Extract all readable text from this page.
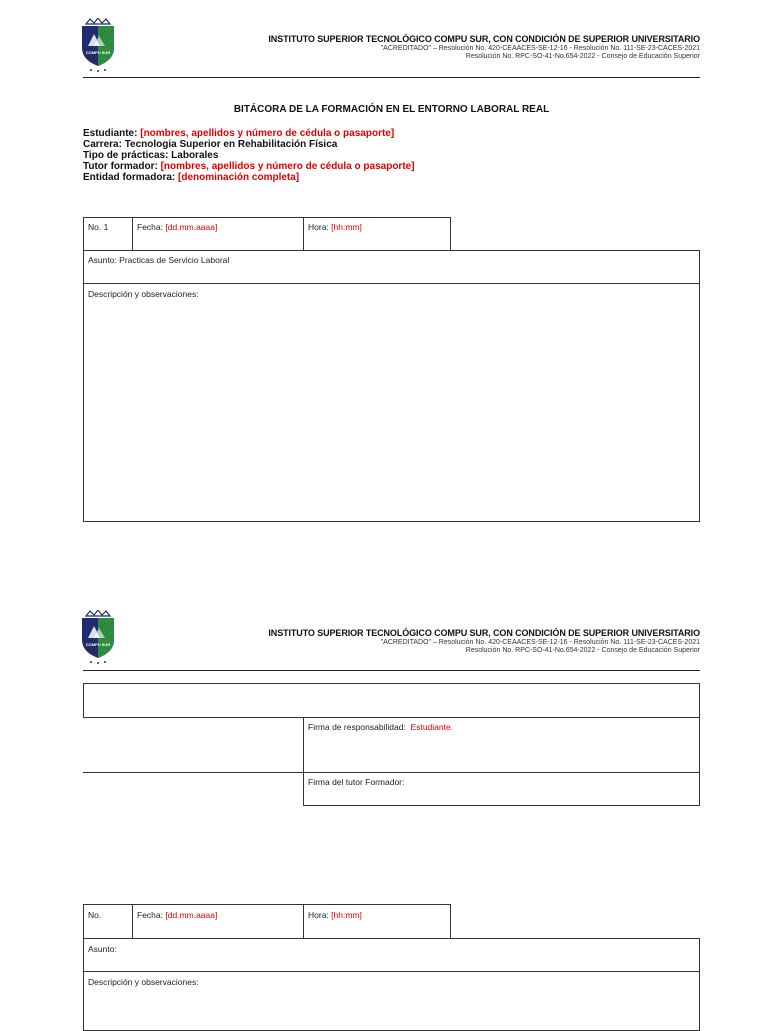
COMPU SUR
INSTITUTO SUPERIOR TECNOLÓGICO COMPU SUR, CON CONDICIÓN DE SUPERIOR UNIVERSITARIO
"ACREDITADO" – Resolución No. 420-CEAACES-SE-12-16 - Resolución No. 111-SE-23-CACES-2021
Resolución No. RPC-SO-41-No.654-2022 - Consejo de Educación Superior
BITÁCORA DE LA FORMACIÓN EN EL ENTORNO LABORAL REAL
Estudiante: [nombres, apellidos y número de cédula o pasaporte]
Carrera: Tecnologia Superior en Rehabilitación Física
Tipo de prácticas: Laborales
Tutor formador: [nombres, apellidos y número de cédula o pasaporte]
Entidad formadora: [denominación completa]
No. 1	Fecha: [dd.mm.aaaa]	Hora: [hh:mm]
Asunto: Practicas de Servicio Laboral
Descripción y observaciones:
COMPU SUR
INSTITUTO SUPERIOR TECNOLÓGICO COMPU SUR, CON CONDICIÓN DE SUPERIOR UNIVERSITARIO
"ACREDITADO" – Resolución No. 420-CEAACES-SE-12-16 - Resolución No. 111-SE-23-CACES-2021
Resolución No. RPC-SO-41-No.654-2022 - Consejo de Educación Superior
Firma de responsabilidad: Estudiante.
Firma del tutor Formador:
No.	Fecha: [dd.mm.aaaa]	Hora: [hh:mm]
Asunto:
Descripción y observaciones:
